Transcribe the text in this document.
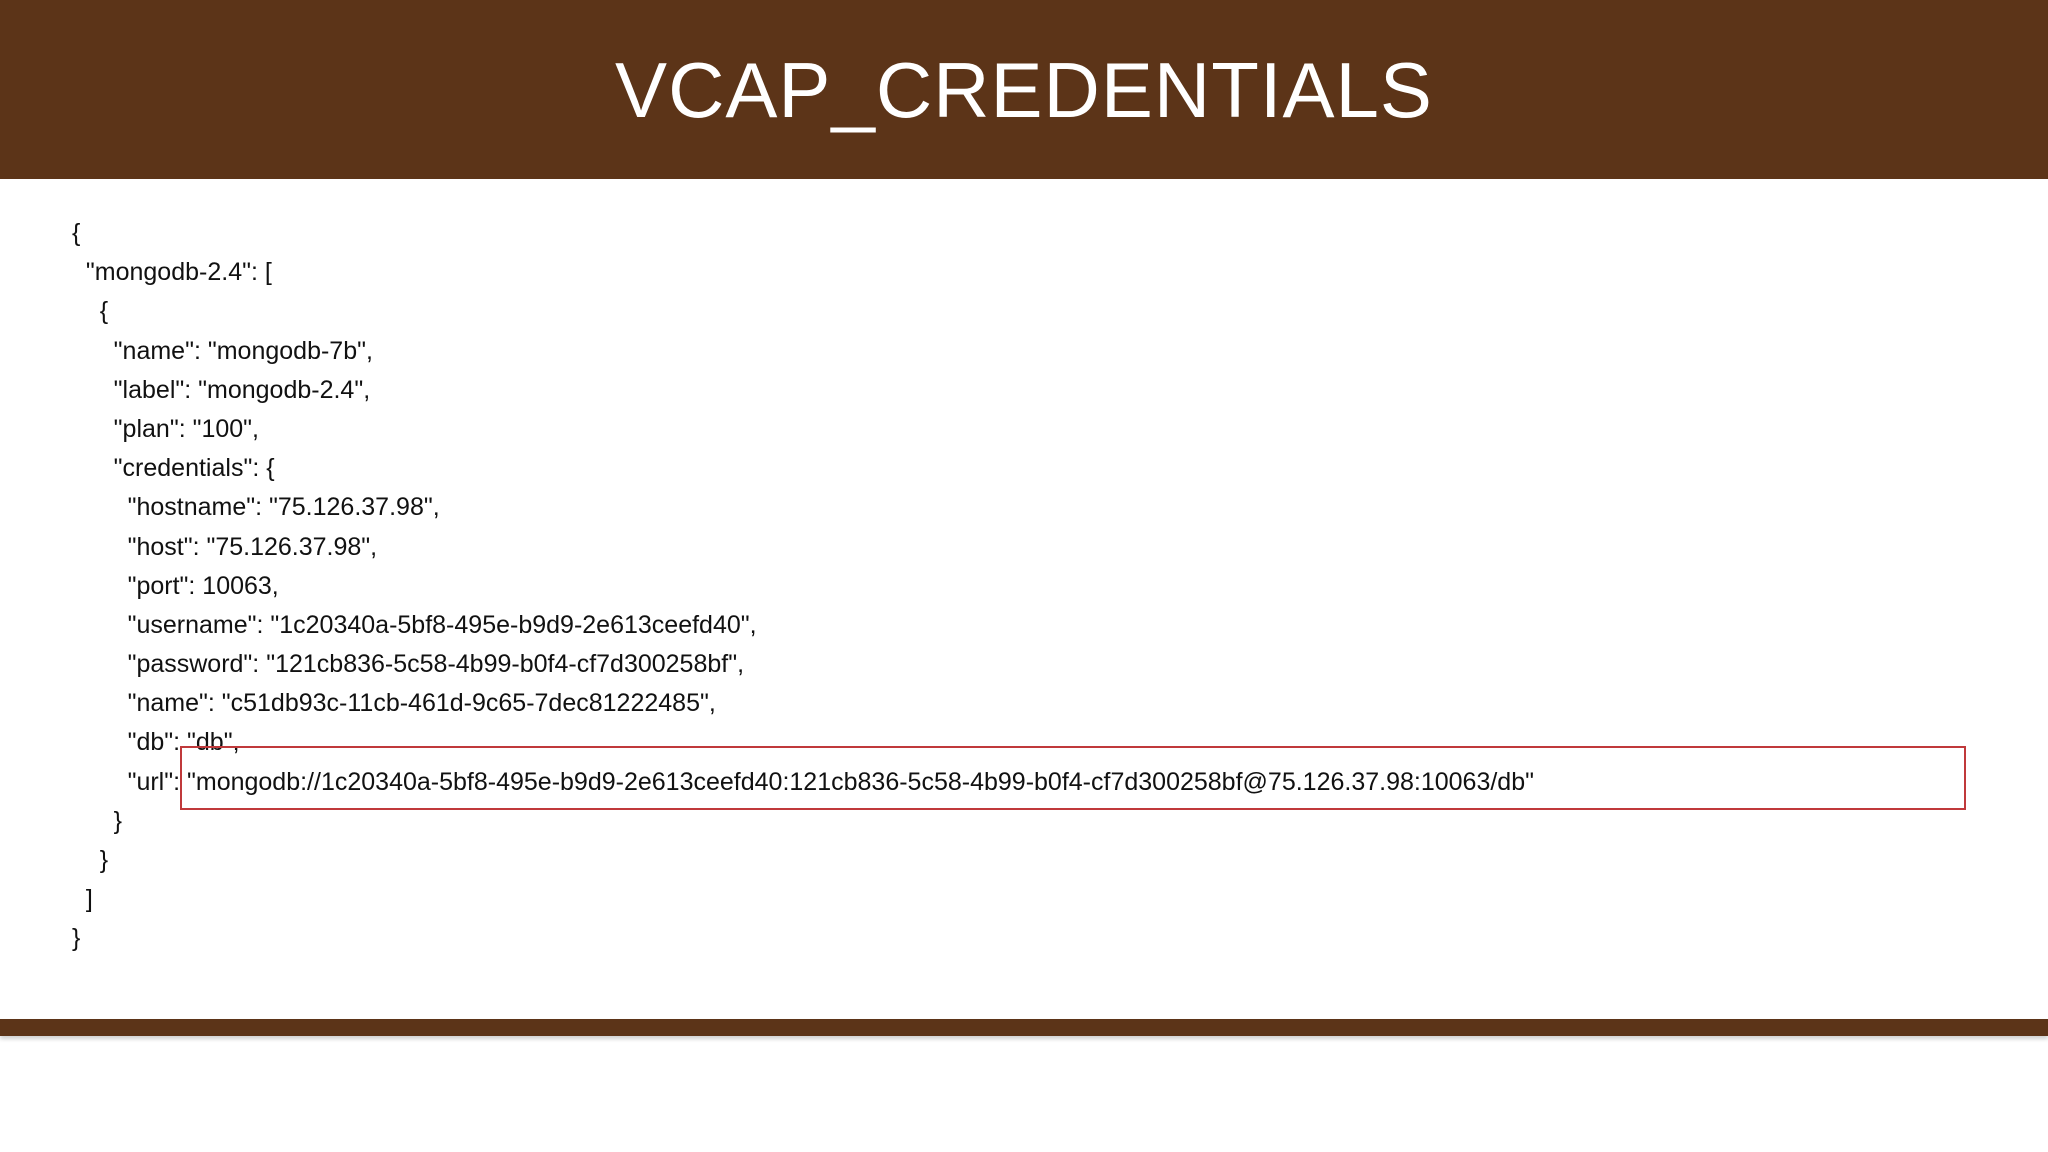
VCAP_CREDENTIALS
{
"mongodb-2.4": [
{
"name": "mongodb-7b",
"label": "mongodb-2.4",
"plan": "100",
"credentials": {
"hostname": "75.126.37.98",
"host": "75.126.37.98",
"port": 10063,
"username": "1c20340a-5bf8-495e-b9d9-2e613ceefd40",
"password": "121cb836-5c58-4b99-b0f4-cf7d300258bf",
"name": "c51db93c-11cb-461d-9c65-7dec81222485",
"db": "db",
"url": "mongodb://1c20340a-5bf8-495e-b9d9-2e613ceefd40:121cb836-5c58-4b99-b0f4-cf7d300258bf@75.126.37.98:10063/db"
}
}
]
}
